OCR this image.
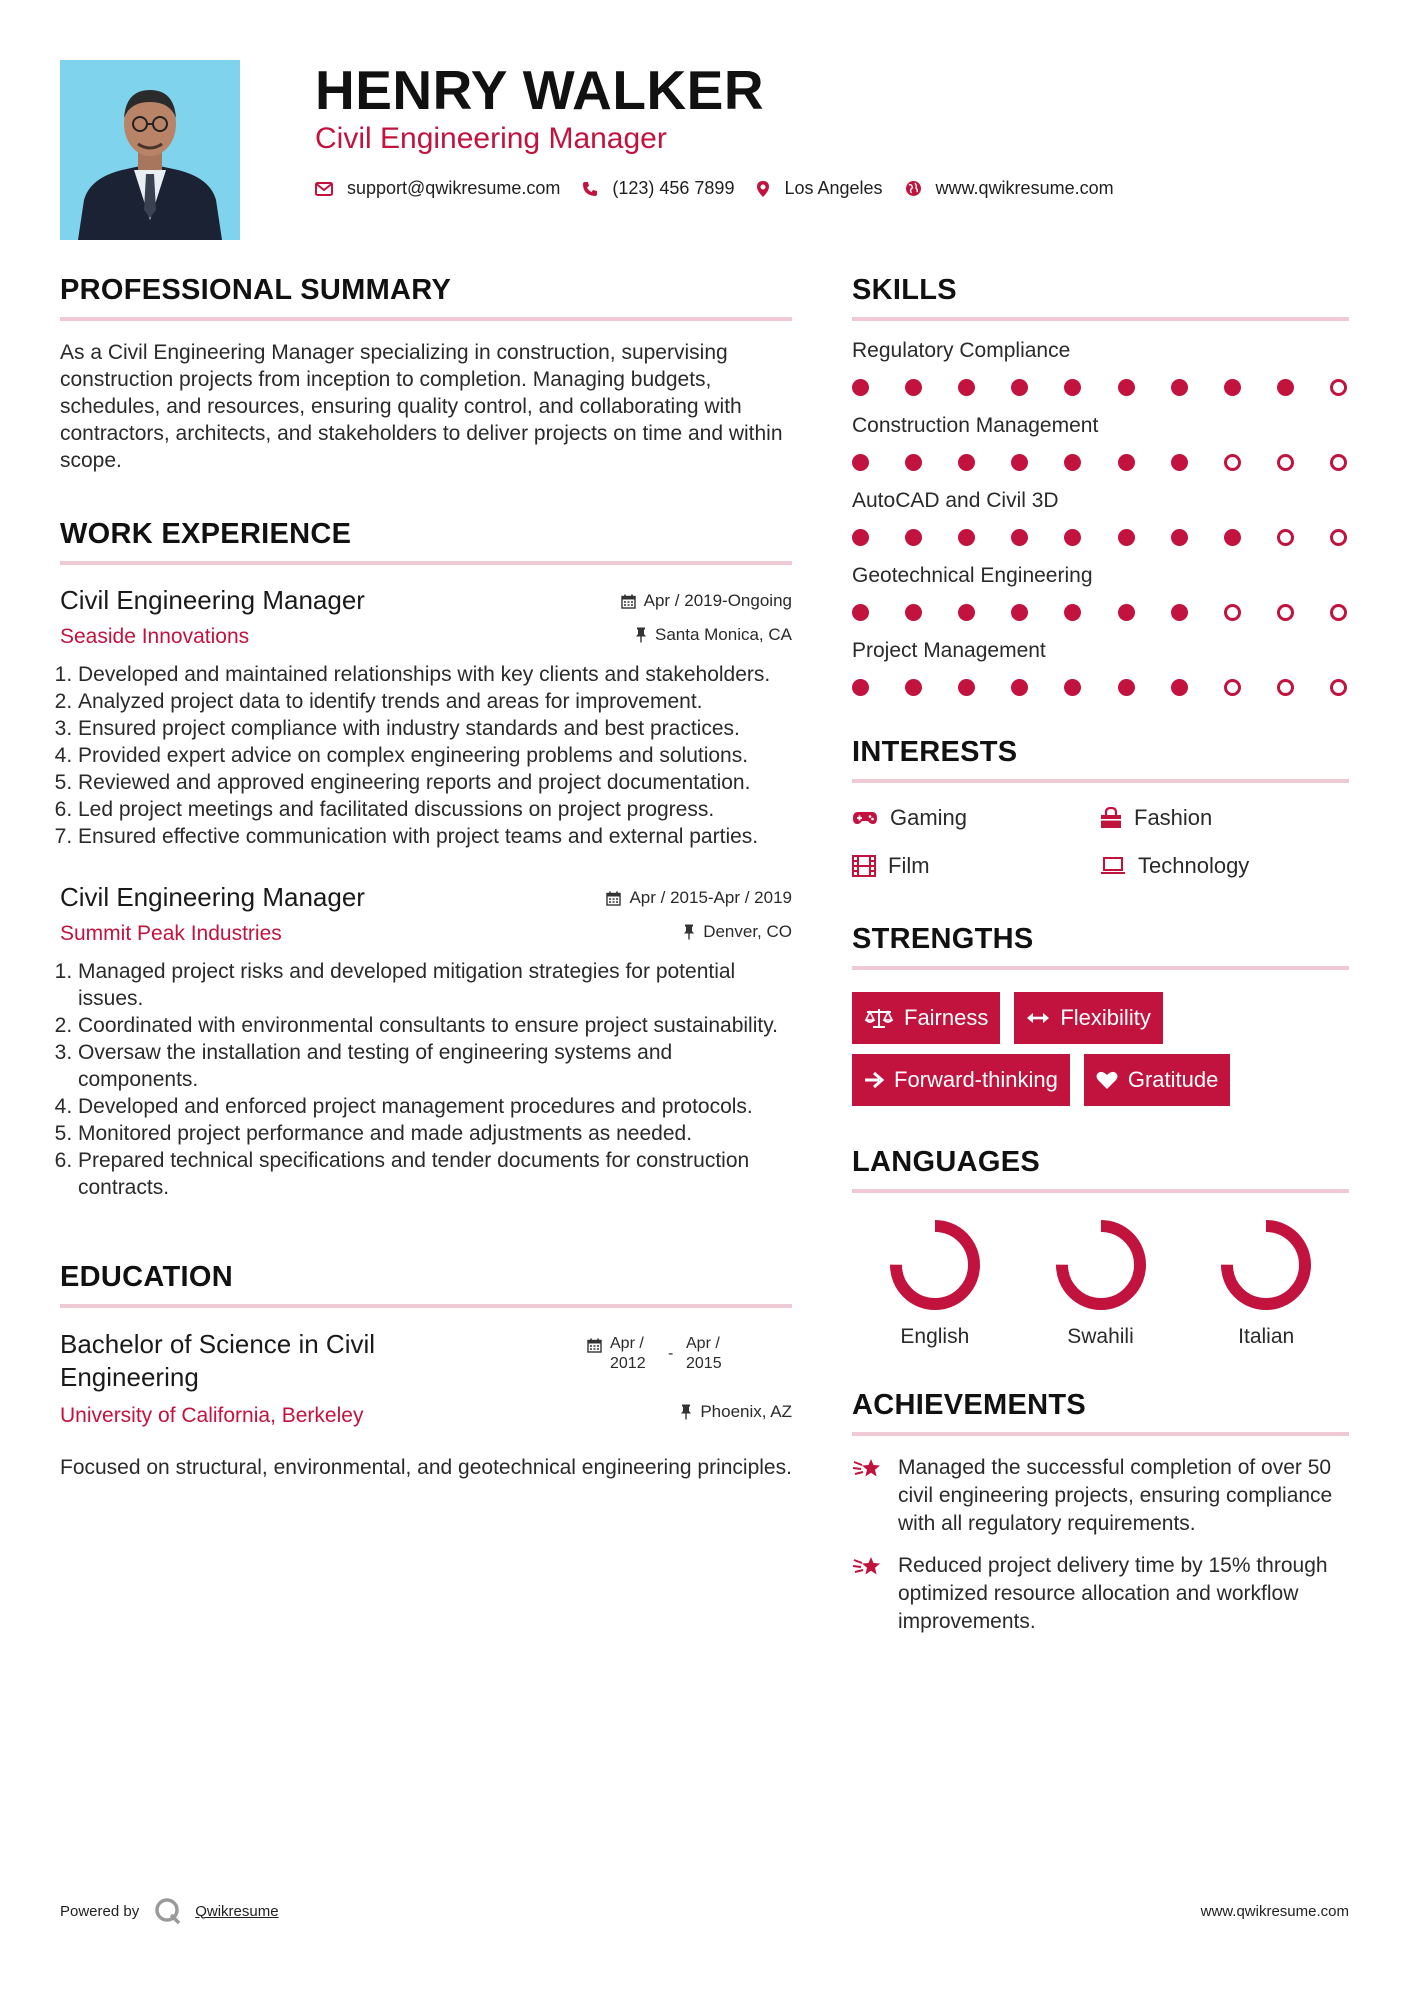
HENRY WALKER
Civil Engineering Manager
support@qwikresume.com	(123) 456 7899	Los Angeles	www.qwikresume.com
PROFESSIONAL SUMMARY

As a Civil Engineering Manager specializing in construction, supervising construction projects from inception to completion. Managing budgets, schedules, and resources, ensuring quality control, and collaborating with contractors, architects, and stakeholders to deliver projects on time and within scope.

WORK EXPERIENCE
Civil Engineering Manager
Seaside Innovations
Apr / 2019-Ongoing
Santa Monica, CA
1. Developed and maintained relationships with key clients and stakeholders.
2. Analyzed project data to identify trends and areas for improvement.
3. Ensured project compliance with industry standards and best practices.
4. Provided expert advice on complex engineering problems and solutions.
5. Reviewed and approved engineering reports and project documentation.
6. Led project meetings and facilitated discussions on project progress.
7. Ensured effective communication with project teams and external parties.
Civil Engineering Manager
Summit Peak Industries
Apr / 2015-Apr / 2019
Denver, CO
1. Managed project risks and developed mitigation strategies for potential issues.
2. Coordinated with environmental consultants to ensure project sustainability.
3. Oversaw the installation and testing of engineering systems and components.
4. Developed and enforced project management procedures and protocols.
5. Monitored project performance and made adjustments as needed.
6. Prepared technical specifications and tender documents for construction contracts.
EDUCATION
Bachelor of Science in Civil Engineering
University of California, Berkeley
Apr / 2012
-
Apr / 2015
Phoenix, AZ

Focused on structural, environmental, and geotechnical engineering principles.

SKILLS
Regulatory Compliance
Construction Management
AutoCAD and Civil 3D
Geotechnical Engineering
Project Management
INTERESTS
Gaming	Fashion
Film	Technology
STRENGTHS
Fairness	Flexibility
Forward-thinking	Gratitude
LANGUAGES
English	Swahili	Italian
ACHIEVEMENTS
Managed the successful completion of over 50 civil engineering projects, ensuring compliance with all regulatory requirements.
Reduced project delivery time by 15% through optimized resource allocation and workflow improvements.
Powered by	Qwikresume	www.qwikresume.com
